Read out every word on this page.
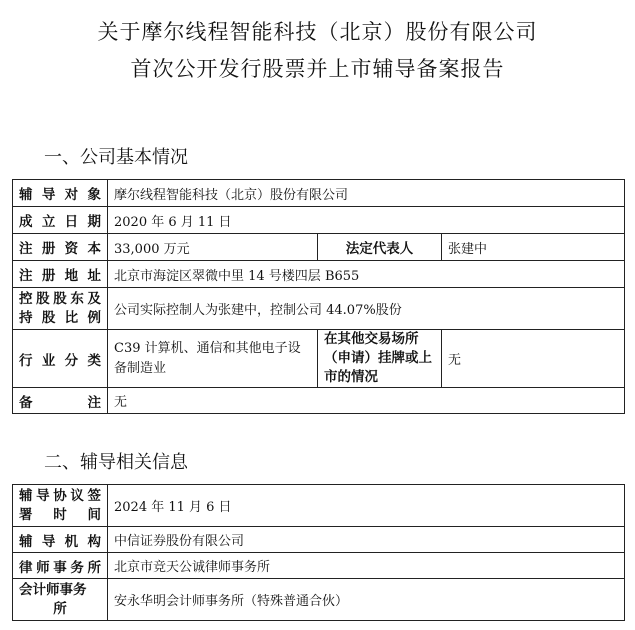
关于摩尔线程智能科技（北京）股份有限公司
首次公开发行股票并上市辅导备案报告
一、公司基本情况
辅导对象	摩尔线程智能科技（北京）股份有限公司		
成立日期	2020 年 6 月 11 日		
注册资本	33,000 万元	法定代表人	张建中
注册地址	北京市海淀区翠微中里 14 号楼四层 B655		

控股股东及
持股比例	公司实际控制人为张建中，控制公司 44.07%股份		
行业分类	C39 计算机、通信和其他电子设备制造业	在其他交易场所（申请）挂牌或上市的情况	无
备注	无		
二、辅导相关信息
辅导协议签
署时间	2024 年 11 月 6 日
辅导机构	中信证券股份有限公司
律师事务所	北京市竞天公诚律师事务所

会计师事务
所	安永华明会计师事务所（特殊普通合伙）
